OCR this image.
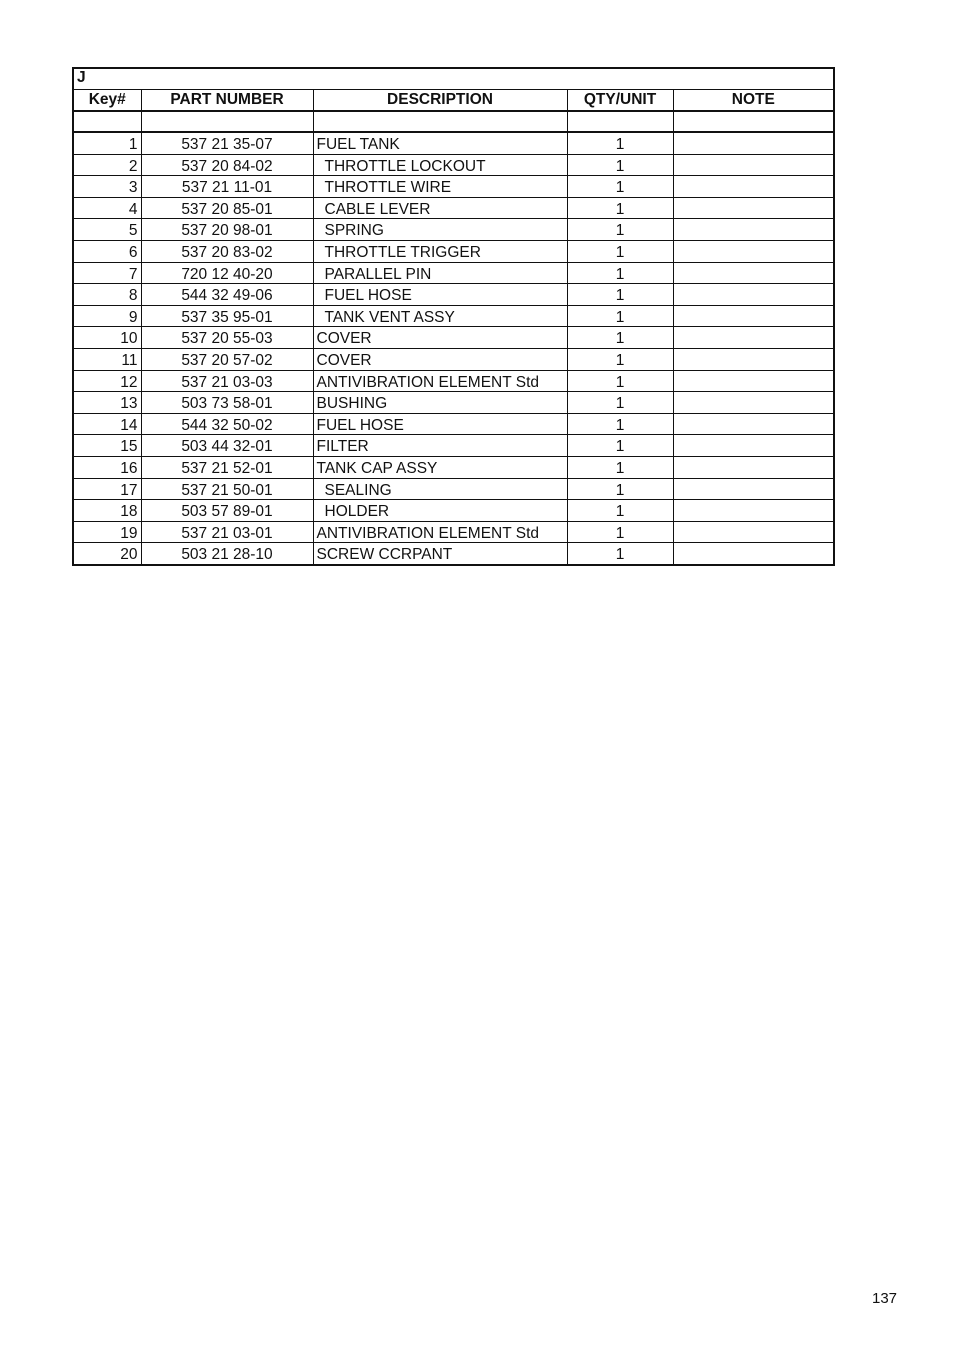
J				
Key#	PART NUMBER	DESCRIPTION	QTY/UNIT	NOTE

1	537 21 35-07	FUEL TANK	1	
2	537 20 84-02	THROTTLE LOCKOUT	1	
3	537 21 11-01	THROTTLE WIRE	1	
4	537 20 85-01	CABLE LEVER	1	
5	537 20 98-01	SPRING	1	
6	537 20 83-02	THROTTLE TRIGGER	1	
7	720 12 40-20	PARALLEL PIN	1	
8	544 32 49-06	FUEL HOSE	1	
9	537 35 95-01	TANK VENT ASSY	1	
10	537 20 55-03	COVER	1	
11	537 20 57-02	COVER	1	
12	537 21 03-03	ANTIVIBRATION ELEMENT Std	1	
13	503 73 58-01	BUSHING	1	
14	544 32 50-02	FUEL HOSE	1	
15	503 44 32-01	FILTER	1	
16	537 21 52-01	TANK CAP ASSY	1	
17	537 21 50-01	SEALING	1	
18	503 57 89-01	HOLDER	1	
19	537 21 03-01	ANTIVIBRATION ELEMENT Std	1	
20	503 21 28-10	SCREW CCRPANT	1	
137
